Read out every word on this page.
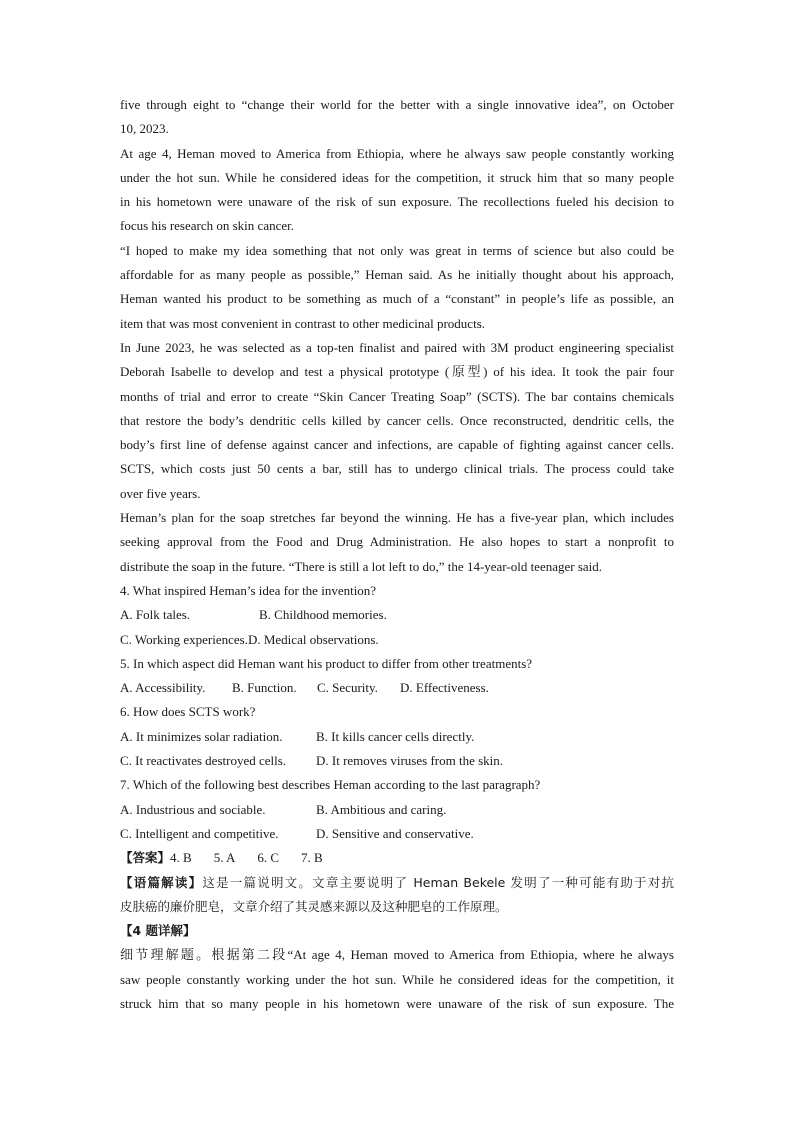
five through eight to “change their world for the better with a single innovative idea”, on October
10, 2023.
At age 4, Heman moved to America from Ethiopia, where he always saw people constantly working
under the hot sun. While he considered ideas for the competition, it struck him that so many people
in his hometown were unaware of the risk of sun exposure. The recollections fueled his decision to
focus his research on skin cancer.
“I hoped to make my idea something that not only was great in terms of science but also could be
affordable for as many people as possible,” Heman said. As he initially thought about his approach,
Heman wanted his product to be something as much of a “constant” in people’s life as possible, an
item that was most convenient in contrast to other medicinal products.
In June 2023, he was selected as a top-ten finalist and paired with 3M product engineering specialist
Deborah Isabelle to develop and test a physical prototype (原型) of his idea. It took the pair four
months of trial and error to create “Skin Cancer Treating Soap” (SCTS). The bar contains chemicals
that restore the body’s dendritic cells killed by cancer cells. Once reconstructed, dendritic cells, the
body’s first line of defense against cancer and infections, are capable of fighting against cancer cells.
SCTS, which costs just 50 cents a bar, still has to undergo clinical trials. The process could take
over five years.
Heman’s plan for the soap stretches far beyond the winning. He has a five-year plan, which includes
seeking approval from the Food and Drug Administration. He also hopes to start a nonprofit to
distribute the soap in the future. “There is still a lot left to do,” the 14-year-old teenager said.
4. What inspired Heman’s idea for the invention?
A. Folk tales.	B. Childhood memories.
C. Working experiences. D. Medical observations.
5. In which aspect did Heman want his product to differ from other treatments?
A. Accessibility.	B. Function.	C. Security.	D. Effectiveness.
6. How does SCTS work?
A. It minimizes solar radiation.	B. It kills cancer cells directly.
C. It reactivates destroyed cells.	D. It removes viruses from the skin.
7. Which of the following best describes Heman according to the last paragraph?
A. Industrious and sociable.	B. Ambitious and caring.
C. Intelligent and competitive.	D. Sensitive and conservative.
【答案】4. B 5. A 6. C 7. B
【语篇解读】这是一篇说明文。文章主要说明了 Heman Bekele 发明了一种可能有助于对抗
皮肤癌的廉价肥皂，文章介绍了其灵感来源以及这种肥皂的工作原理。
【4 题详解】
细节理解题。根据第二段“At age 4, Heman moved to America from Ethiopia, where he always
saw people constantly working under the hot sun. While he considered ideas for the competition, it
struck him that so many people in his hometown were unaware of the risk of sun exposure. The
